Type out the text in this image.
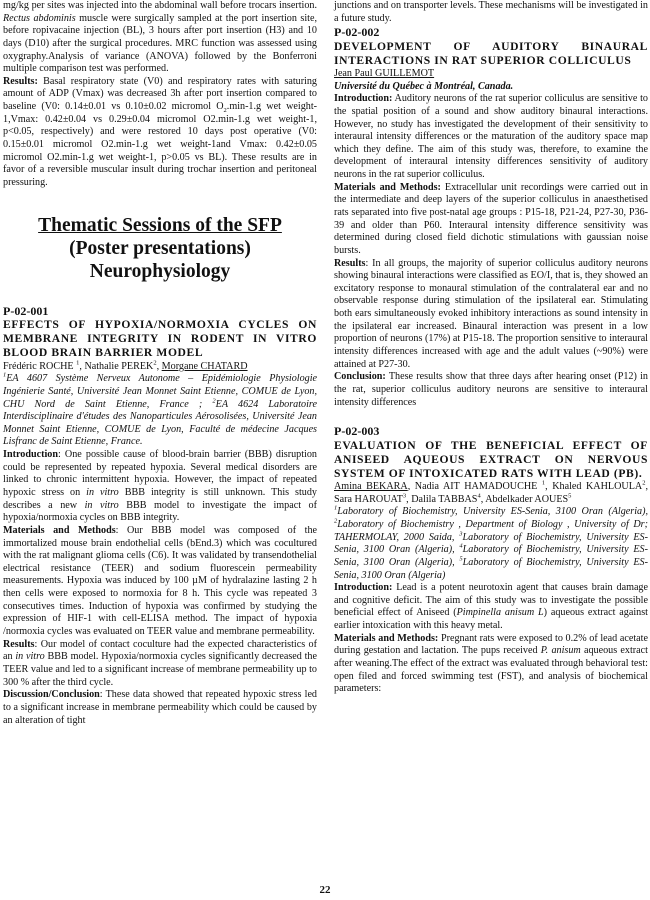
mg/kg per sites was injected into the abdominal wall before trocars insertion. Rectus abdominis muscle were surgically sampled at the port insertion site, before ropivacaine injection (BL), 3 hours after port insertion (H3) and 10 days (D10) after the surgical procedures. MRC function was assessed using oxygraphy.Analysis of variance (ANOVA) followed by the Bonferroni multiple comparison test was performed.

Results: Basal respiratory state (V0) and respiratory rates with saturing amount of ADP (Vmax) was decreased 3h after port insertion compared to baseline (V0: 0.14±0.01 vs 0.10±0.02 micromol $O_2.\min-1.g$ wet weight-1,Vmax: 0.42±0.04 vs 0.29±0.04 micromol O2.min-1.g wet weight-1, p<0.05, respectively) and were restored 10 days post operative (V0: 0.15±0.01 micromol O2.min-1.g wet weight-1and Vmax: 0.42±0.05 micromol O2.min-1.g wet weight-1, p>0.05 vs BL). These results are in favor of a reversible muscular insult during trochar insertion and peritoneal pressuring.

Thematic Sessions of the SFP
(Poster presentations)
Neurophysiology

P-02-001

EFFECTS OF HYPOXIA/NORMOXIA CYCLES ON MEMBRANE INTEGRITY IN RODENT IN VITRO BLOOD BRAIN BARRIER MODEL

Frédéric ROCHE $^1$, Nathalie PEREK$^2$, Morgane CHATARD

$^1$EA 4607 Système Nerveux Autonome – Epidémiologie Physiologie Ingénierie Santé, Université Jean Monnet Saint Etienne, COMUE de Lyon, CHU Nord de Saint Etienne, France ; $^2$EA 4624 Laboratoire Interdisciplinaire d'études des Nanoparticules Aérosolisées, Université Jean Monnet Saint Etienne, COMUE de Lyon, Faculté de médecine Jacques Lisfranc de Saint Etienne, France.

Introduction: One possible cause of blood-brain barrier (BBB) disruption could be represented by repeated hypoxia. Several medical disorders are linked to chronic intermittent hypoxia. However, the impact of repeated hypoxic stress on in vitro BBB integrity is still unknown. This study describes a new in vitro BBB model to investigate the impact of hypoxia/normoxia cycles on BBB integrity.

Materials and Methods: Our BBB model was composed of the immortalized mouse brain endothelial cells (bEnd.3) which was cocultured with the rat malignant glioma cells (C6). It was validated by transendothelial electrical resistance (TEER) and sodium fluorescein permeability measurements. Hypoxia was induced by 100 µM of hydralazine lasting 2 h then cells were exposed to normoxia for 8 h. This cycle was repeated 3 consecutives times. Induction of hypoxia was confirmed by studying the expression of HIF-1 with cell-ELISA method. The impact of hypoxia /normoxia cycles was evaluated on TEER value and membrane permeability.

Results: Our model of contact coculture had the expected characteristics of an in vitro BBB model. Hypoxia/normoxia cycles significantly decreased the TEER value and led to a significant increase of membrane permeability up to 300 % after the third cycle.

Discussion/Conclusion: These data showed that repeated hypoxic stress led to a significant increase in membrane permeability which could be caused by an alteration of tight

junctions and on transporter levels. These mechanisms will be investigated in a future study.

P-02-002

DEVELOPMENT OF AUDITORY BINAURAL INTERACTIONS IN RAT SUPERIOR COLLICULUS

Jean Paul GUILLEMOT

Université du Québec à Montréal, Canada.

Introduction: Auditory neurons of the rat superior colliculus are sensitive to the spatial position of a sound and show auditory binaural interactions. However, no study has investigated the development of their sensitivity to interaural intensity differences or the maturation of the auditory space map which they define. The aim of this study was, therefore, to examine the development of interaural intensity differences sensitivity of auditory neurons in the rat superior colliculus.

Materials and Methods: Extracellular unit recordings were carried out in the intermediate and deep layers of the superior colliculus in anaesthetised rats separated into five post-natal age groups : P15-18, P21-24, P27-30, P36-39 and older than P60. Interaural intensity difference sensitivity was determined during closed field dichotic stimulations with gaussian noise bursts.

Results: In all groups, the majority of superior colliculus auditory neurons showing binaural interactions were classified as EO/I, that is, they showed an excitatory response to monaural stimulation of the contralateral ear and no observable response during stimulation of the ipsilateral ear. Stimulating both ears simultaneously evoked inhibitory interactions as sound intensity in the ipsilateral ear increased. Binaural interaction was present in a low proportion of neurons (17%) at P15-18. The proportion sensitive to interaural intensity differences increased with age and the adult values (~90%) were attained at P27-30.

Conclusion: These results show that three days after hearing onset (P12) in the rat, superior colliculus auditory neurons are sensitive to interaural intensity differences

P-02-003

EVALUATION OF THE BENEFICIAL EFFECT OF ANISEED AQUEOUS EXTRACT ON NERVOUS SYSTEM OF INTOXICATED RATS WITH LEAD (PB).

Amina BEKARA, Nadia AIT HAMADOUCHE $^1$, Khaled KAHLOULA$^2$, Sara HAROUAT$^3$, Dalila TABBAS$^4$, Abdelkader AOUES$^5$

$^1$Laboratory of Biochemistry, University ES-Senia, 3100 Oran (Algeria), $^2$Laboratory of Biochemistry , Department of Biology , University of Dr; TAHERMOLAY, 2000 Saida, $^3$Laboratory of Biochemistry, University ES-Senia, 3100 Oran (Algeria), $^4$Laboratory of Biochemistry, University ES-Senia, 3100 Oran (Algeria), $^5$Laboratory of Biochemistry, University ES-Senia, 3100 Oran (Algeria)

Introduction: Lead is a potent neurotoxin agent that causes brain damage and cognitive deficit. The aim of this study was to investigate the possible beneficial effect of Aniseed (Pimpinella anisum L) aqueous extract against earlier intoxication with this heavy metal.

Materials and Methods: Pregnant rats were exposed to 0.2% of lead acetate during gestation and lactation. The pups received P. anisum aqueous extract after weaning.The effect of the extract was evaluated through behavioral test: open filed and forced swimming test (FST), and analysis of biochemical parameters:

22
